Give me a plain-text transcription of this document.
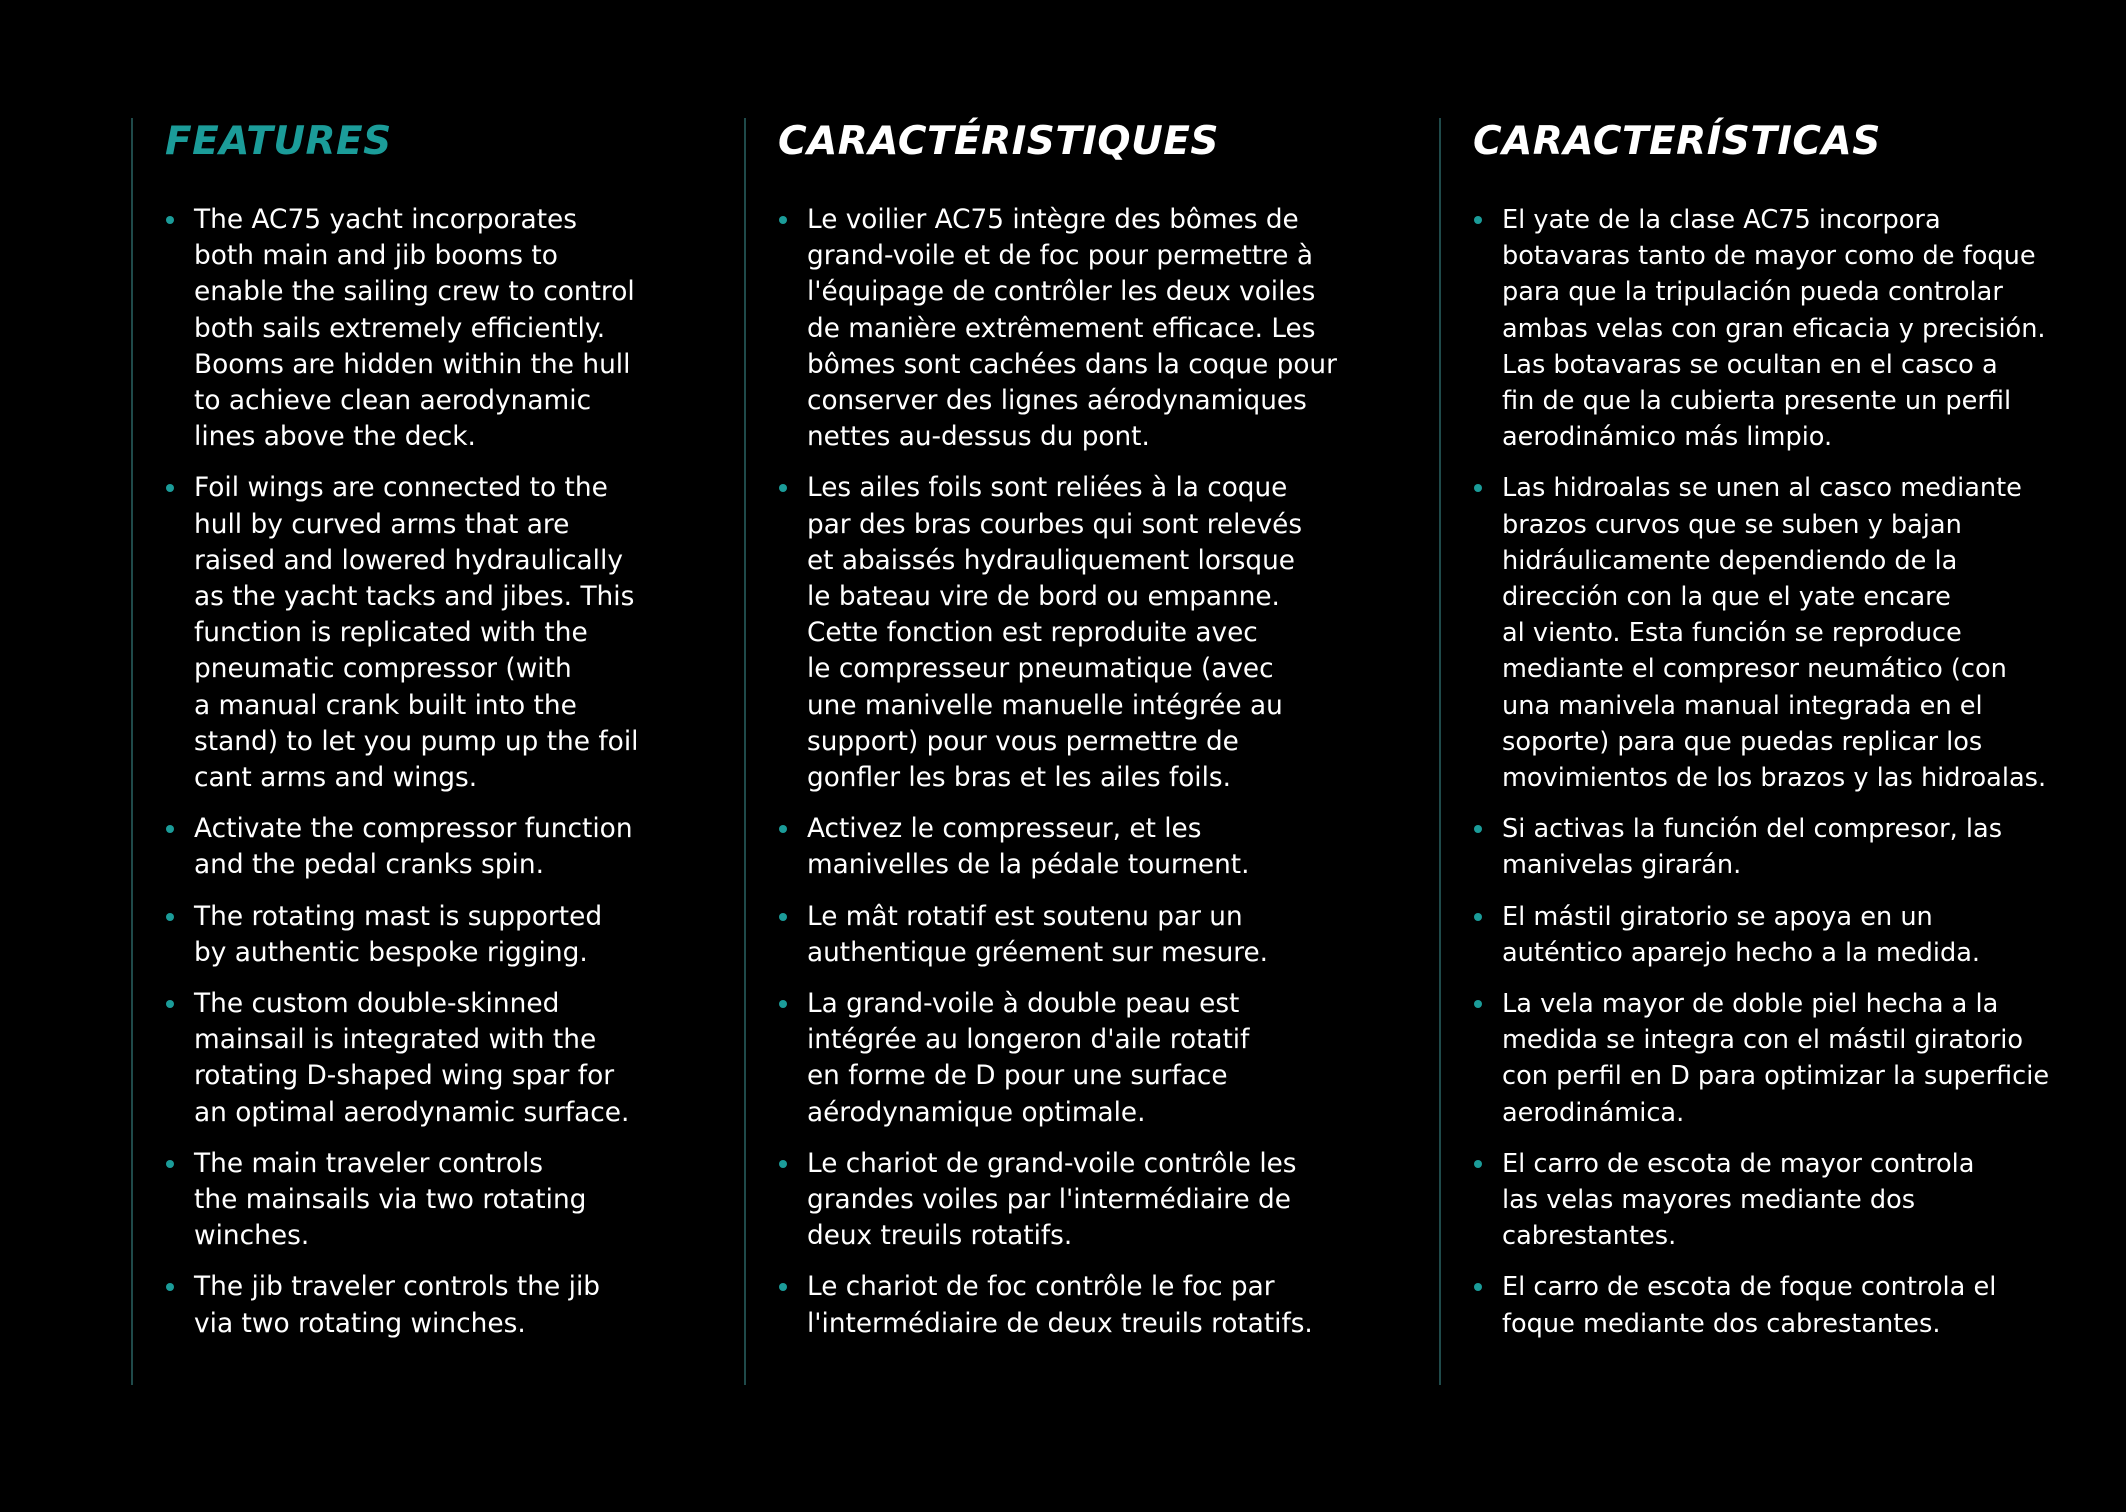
FEATURES
The AC75 yacht incorporates
both main and jib booms to
enable the sailing crew to control
both sails extremely efficiently.
Booms are hidden within the hull
to achieve clean aerodynamic
lines above the deck.
Foil wings are connected to the
hull by curved arms that are
raised and lowered hydraulically
as the yacht tacks and jibes. This
function is replicated with the
pneumatic compressor (with
a manual crank built into the
stand) to let you pump up the foil
cant arms and wings.
Activate the compressor function
and the pedal cranks spin.
The rotating mast is supported
by authentic bespoke rigging.
The custom double-skinned
mainsail is integrated with the
rotating D-shaped wing spar for
an optimal aerodynamic surface.
The main traveler controls
the mainsails via two rotating
winches.
The jib traveler controls the jib
via two rotating winches.
CARACTÉRISTIQUES
Le voilier AC75 intègre des bômes de
grand-voile et de foc pour permettre à
l'équipage de contrôler les deux voiles
de manière extrêmement efficace. Les
bômes sont cachées dans la coque pour
conserver des lignes aérodynamiques
nettes au-dessus du pont.
Les ailes foils sont reliées à la coque
par des bras courbes qui sont relevés
et abaissés hydrauliquement lorsque
le bateau vire de bord ou empanne.
Cette fonction est reproduite avec
le compresseur pneumatique (avec
une manivelle manuelle intégrée au
support) pour vous permettre de
gonfler les bras et les ailes foils.
Activez le compresseur, et les
manivelles de la pédale tournent.
Le mât rotatif est soutenu par un
authentique gréement sur mesure.
La grand-voile à double peau est
intégrée au longeron d'aile rotatif
en forme de D pour une surface
aérodynamique optimale.
Le chariot de grand-voile contrôle les
grandes voiles par l'intermédiaire de
deux treuils rotatifs.
Le chariot de foc contrôle le foc par
l'intermédiaire de deux treuils rotatifs.
CARACTERÍSTICAS
El yate de la clase AC75 incorpora
botavaras tanto de mayor como de foque
para que la tripulación pueda controlar
ambas velas con gran eficacia y precisión.
Las botavaras se ocultan en el casco a
fin de que la cubierta presente un perfil
aerodinámico más limpio.
Las hidroalas se unen al casco mediante
brazos curvos que se suben y bajan
hidráulicamente dependiendo de la
dirección con la que el yate encare
al viento. Esta función se reproduce
mediante el compresor neumático (con
una manivela manual integrada en el
soporte) para que puedas replicar los
movimientos de los brazos y las hidroalas.
Si activas la función del compresor, las
manivelas girarán.
El mástil giratorio se apoya en un
auténtico aparejo hecho a la medida.
La vela mayor de doble piel hecha a la
medida se integra con el mástil giratorio
con perfil en D para optimizar la superficie
aerodinámica.
El carro de escota de mayor controla
las velas mayores mediante dos
cabrestantes.
El carro de escota de foque controla el
foque mediante dos cabrestantes.
